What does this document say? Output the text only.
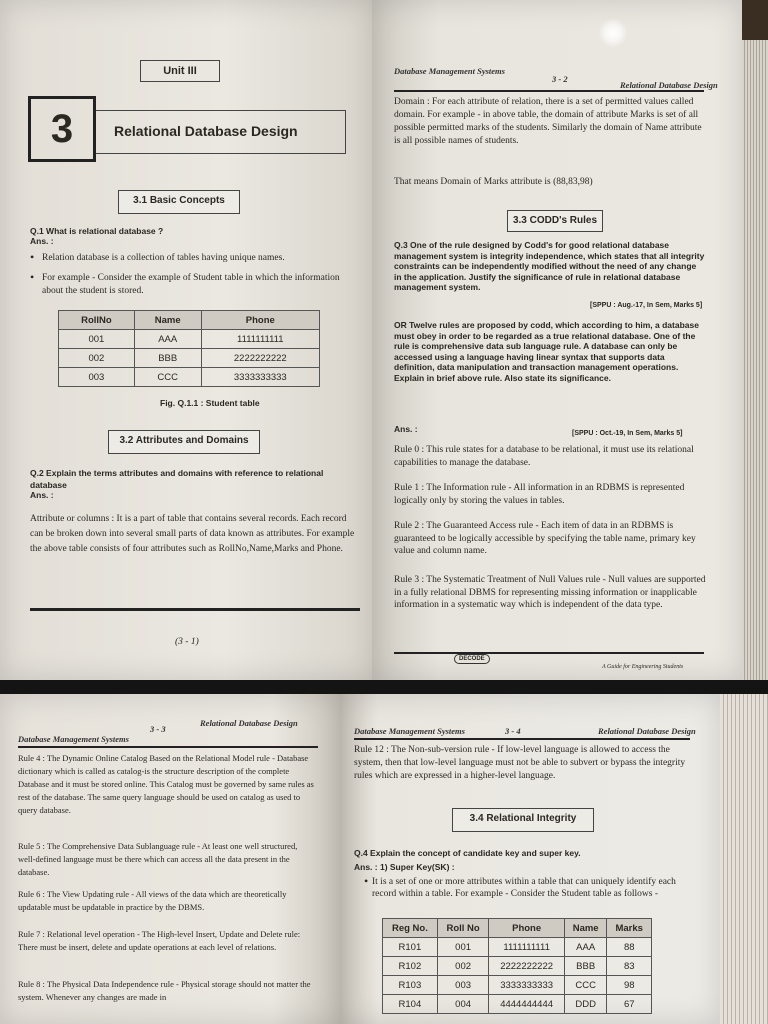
Unit III
3	Relational Database Design
3.1 Basic Concepts
Q.1 What is relational database ?
Ans. :
• Relation database is a collection of tables having unique names.
• For example - Consider the example of Student table in which the information about the student is stored.
RollNo	Name	Phone
001	AAA	1111111111
002	BBB	2222222222
003	CCC	3333333333
Fig. Q.1.1 : Student table
3.2 Attributes and Domains
Q.2 Explain the terms attributes and domains with reference to relational database
Ans. :
Attribute or columns : It is a part of table that contains several records. Each record can be broken down into several small parts of data known as attributes. For example the above table consists of four attributes such as RollNo,Name,Marks and Phone.
(3 - 1)
Database Management Systems
3 - 2
Relational Database Design
Domain : For each attribute of relation, there is a set of permitted values called domain. For example - in above table, the domain of attribute Marks is set of all possible permitted marks of the students. Similarly the domain of Name attribute is all possible names of students.
That means Domain of Marks attribute is (88,83,98)
3.3 CODD's Rules
Q.3 One of the rule designed by Codd's for good relational database management system is integrity independence, which states that all integrity constraints can be independently modified without the need of any change in the application. Justify the significance of rule in relational database management system.
[SPPU : Aug.-17, In Sem, Marks 5]
OR Twelve rules are proposed by codd, which according to him, a database must obey in order to be regarded as a true relational database. One of the rule is comprehensive data sub language rule. A database can only be accessed using a language having linear syntax that supports data definition, data manipulation and transaction management operations. Explain in brief above rule. Also state its significance.
Ans. :	[SPPU : Oct.-19, In Sem, Marks 5]
Rule 0 : This rule states for a database to be relational, it must use its relational capabilities to manage the database.
Rule 1 : The Information rule - All information in an RDBMS is represented logically only by storing the values in tables.
Rule 2 : The Guaranteed Access rule - Each item of data in an RDBMS is guaranteed to be logically accessible by specifying the table name, primary key value and column name.
Rule 3 : The Systematic Treatment of Null Values rule - Null values are supported in a fully relational DBMS for representing missing information or inapplicable information in a systematic way which is independent of the data type.
DECODE
A Guide for Engineering Students
Database Management Systems
3 - 3
Relational Database Design
Rule 4 : The Dynamic Online Catalog Based on the Relational Model rule - Database dictionary which is called as catalog-is the structure description of the complete Database and it must be stored online. This Catalog must be governed by same rules as rest of the database. The same query language should be used on catalog as used to query database.
Rule 5 : The Comprehensive Data Sublanguage rule - At least one well structured, well-defined language must be there which can access all the data present in the database.
Rule 6 : The View Updating rule - All views of the data which are theoretically updatable must be updatable in practice by the DBMS.
Rule 7 : Relational level operation - The High-level Insert, Update and Delete rule: There must be insert, delete and update operations at each level of relations.
Rule 8 : The Physical Data Independence rule - Physical storage should not matter the system. Whenever any changes are made in
Database Management Systems	3 - 4	Relational Database Design
Rule 12 : The Non-sub-version rule - If low-level language is allowed to access the system, then that low-level language must not be able to subvert or bypass the integrity rules which are expressed in a higher-level language.
3.4 Relational Integrity
Q.4 Explain the concept of candidate key and super key.
Ans. : 1) Super Key(SK) :
• It is a set of one or more attributes within a table that can uniquely identify each record within a table. For example - Consider the Student table as follows -
Reg No.	Roll No	Phone	Name	Marks
R101	001	1111111111	AAA	88
R102	002	2222222222	BBB	83
R103	003	3333333333	CCC	98
R104	004	4444444444	DDD	67
